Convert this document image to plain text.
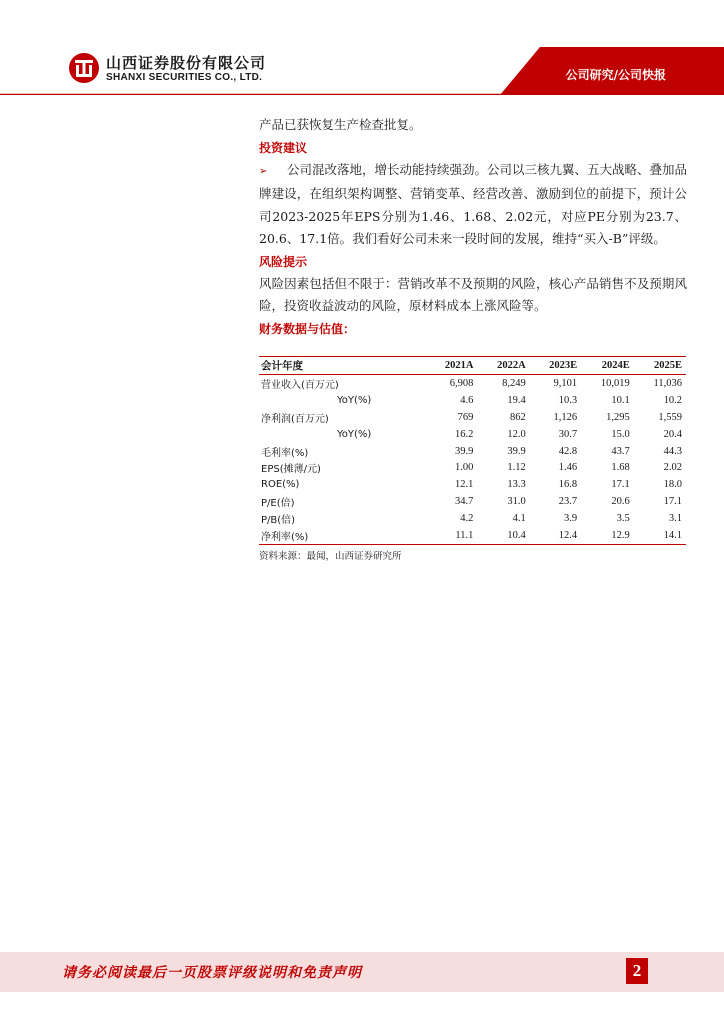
山西证券股份有限公司
SHANXI SECURITIES CO., LTD.	公司研究/公司快报

产品已获恢复生产检查批复。

投资建议

➢ 公司混改落地，增长动能持续强劲。公司以三核九翼、五大战略、叠加品牌建设，在组织架构调整、营销变革、经营改善、激励到位的前提下，预计公司2023-2025年EPS分别为1.46、1.68、2.02元，对应PE分别为23.7、20.6、17.1倍。我们看好公司未来一段时间的发展，维持“买入-B”评级。

风险提示

风险因素包括但不限于：营销改革不及预期的风险，核心产品销售不及预期风险，投资收益波动的风险，原材料成本上涨风险等。

财务数据与估值：

会计年度	2021A	2022A	2023E	2024E	2025E
营业收入(百万元)	6,908	8,249	9,101	10,019	11,036
YoY(%)	4.6	19.4	10.3	10.1	10.2
净利润(百万元)	769	862	1,126	1,295	1,559
YoY(%)	16.2	12.0	30.7	15.0	20.4
毛利率(%)	39.9	39.9	42.8	43.7	44.3
EPS(摊薄/元)	1.00	1.12	1.46	1.68	2.02
ROE(%)	12.1	13.3	16.8	17.1	18.0
P/E(倍)	34.7	31.0	23.7	20.6	17.1
P/B(倍)	4.2	4.1	3.9	3.5	3.1
净利率(%)	11.1	10.4	12.4	12.9	14.1
资料来源：最闻，山西证券研究所
请务必阅读最后一页股票评级说明和免责声明	2
